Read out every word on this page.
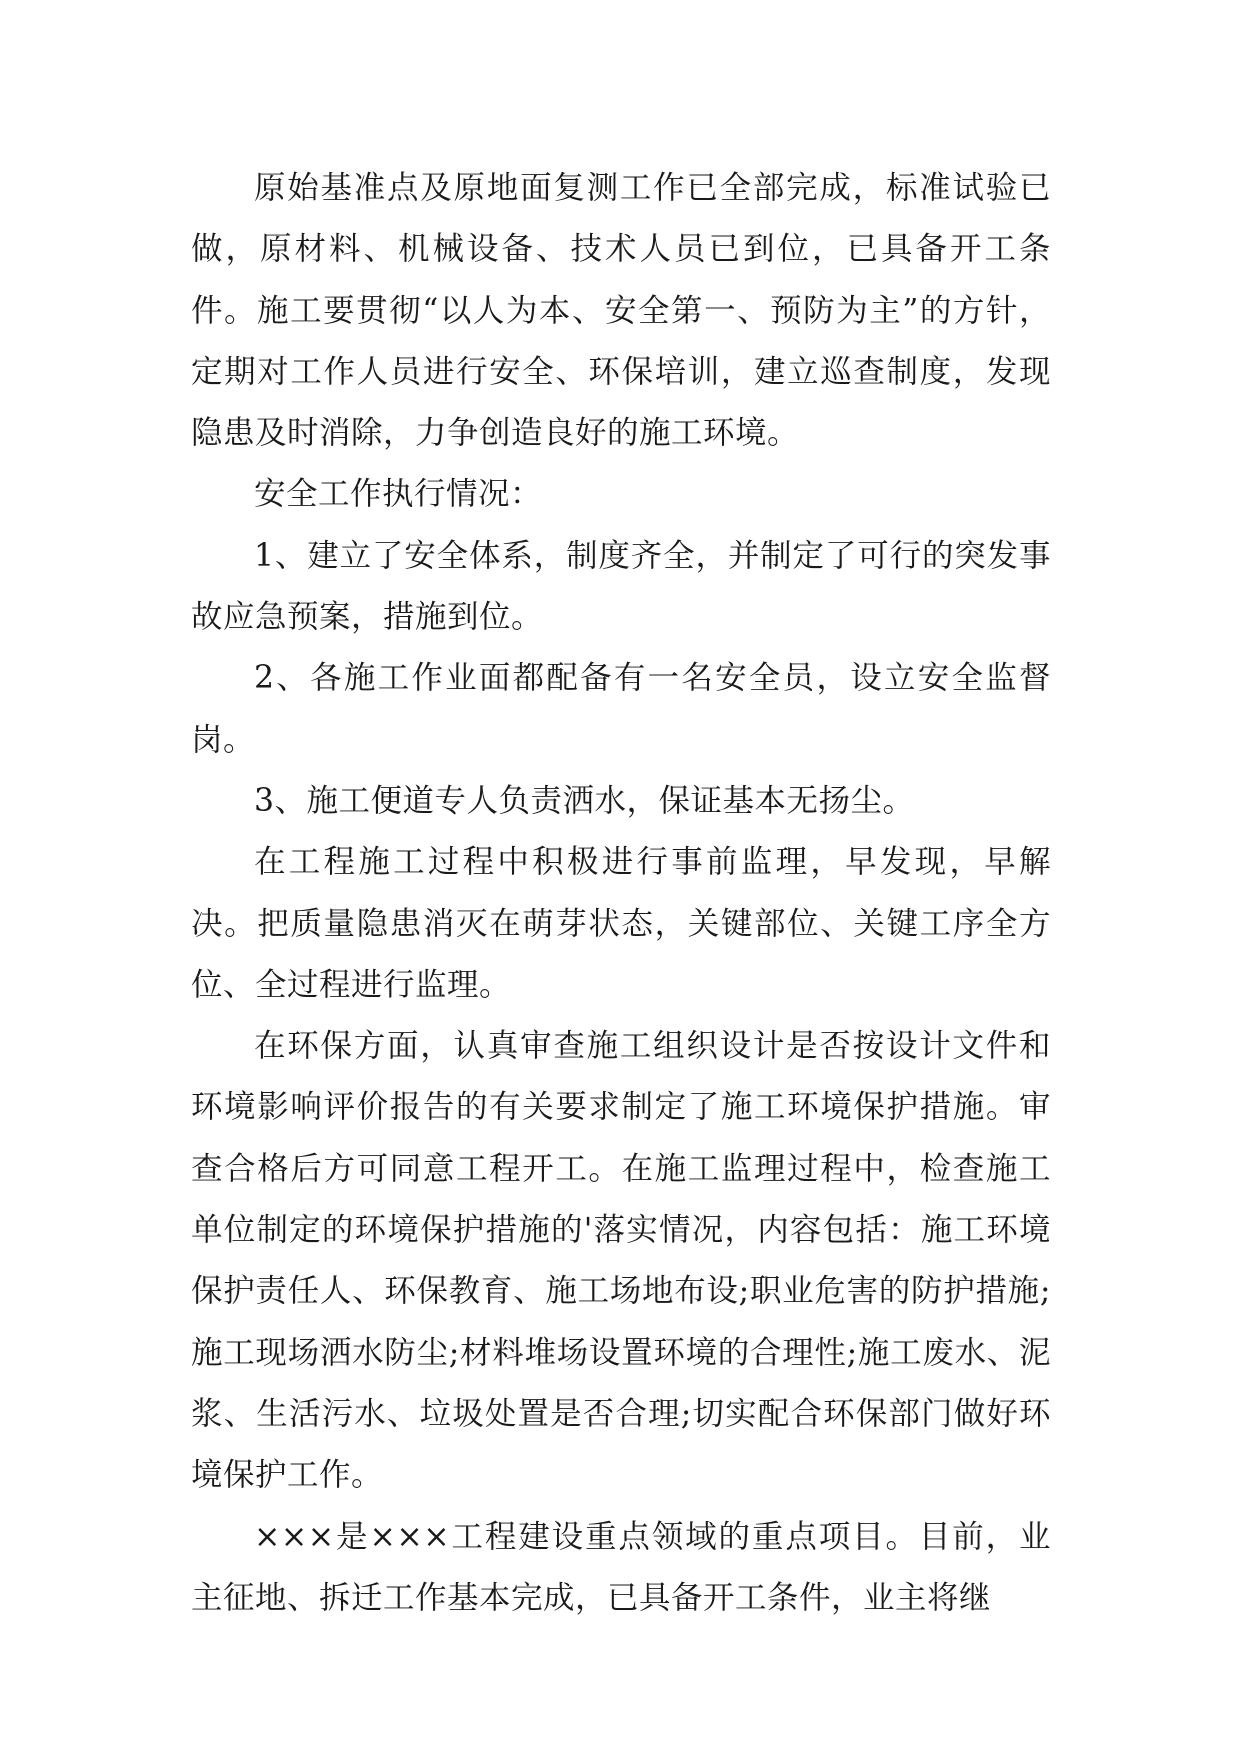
原始基准点及原地面复测工作已全部完成，标准试验已做，原材料、机械设备、技术人员已到位，已具备开工条件。施工要贯彻“以人为本、安全第一、预防为主”的方针，定期对工作人员进行安全、环保培训，建立巡查制度，发现隐患及时消除，力争创造良好的施工环境。

安全工作执行情况：

1、建立了安全体系，制度齐全，并制定了可行的突发事故应急预案，措施到位。

2、各施工作业面都配备有一名安全员，设立安全监督岗。

3、施工便道专人负责洒水，保证基本无扬尘。

在工程施工过程中积极进行事前监理，早发现，早解决。把质量隐患消灭在萌芽状态，关键部位、关键工序全方位、全过程进行监理。

在环保方面，认真审查施工组织设计是否按设计文件和环境影响评价报告的有关要求制定了施工环境保护措施。审查合格后方可同意工程开工。在施工监理过程中，检查施工单位制定的环境保护措施的'落实情况，内容包括：施工环境保护责任人、环保教育、施工场地布设;职业危害的防护措施;施工现场洒水防尘;材料堆场设置环境的合理性;施工废水、泥浆、生活污水、垃圾处置是否合理;切实配合环保部门做好环境保护工作。

×××是×××工程建设重点领域的重点项目。目前，业主征地、拆迁工作基本完成，已具备开工条件，业主将继
